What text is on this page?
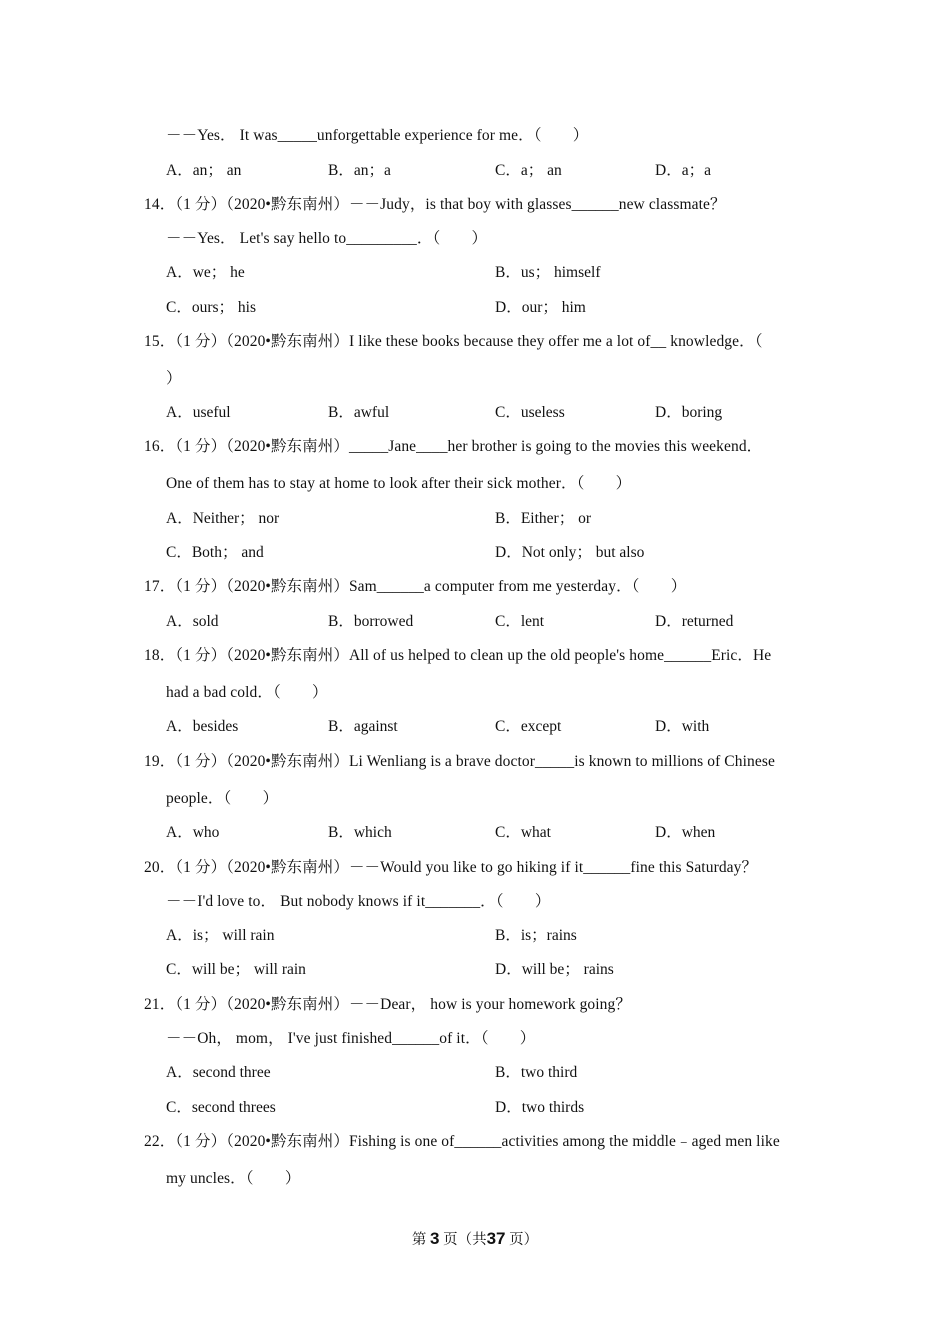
－－Yes． It was_____unforgettable experience for me．（　　）
A．an； an	B．an；a	C．a； an	D．a；a
14．（1 分）（2020•黔东南州）－－Judy，is that boy with glasses______new classmate？
－－Yes． Let's say hello to_________．（　　）
A．we； he	B．us； himself
C．ours； his	D．our； him
15．（1 分）（2020•黔东南州）I like these books because they offer me a lot of__ knowledge．（
）
A．useful	B．awful	C．useless	D．boring
16．（1 分）（2020•黔东南州）_____Jane____her brother is going to the movies this weekend．
One of them has to stay at home to look after their sick mother．（　　）
A．Neither； nor	B．Either； or
C．Both； and	D．Not only； but also
17．（1 分）（2020•黔东南州）Sam______a computer from me yesterday．（　　）
A．sold	B．borrowed	C．lent	D．returned
18．（1 分）（2020•黔东南州）All of us helped to clean up the old people's home______Eric．He
had a bad cold．（　　）
A．besides	B．against	C．except	D．with
19．（1 分）（2020•黔东南州）Li Wenliang is a brave doctor_____is known to millions of Chinese
people．（　　）
A．who	B．which	C．what	D．when
20．（1 分）（2020•黔东南州）－－Would you like to go hiking if it______fine this Saturday？
－－I'd love to． But nobody knows if it_______．（　　）
A．is； will rain	B．is；rains
C．will be； will rain	D．will be； rains
21．（1 分）（2020•黔东南州）－－Dear， how is your homework going？
－－Oh， mom， I've just finished______of it．（　　）
A．second three	B．two third
C．second threes	D．two thirds
22．（1 分）（2020•黔东南州）Fishing is one of______activities among the middle﹣aged men like
my uncles．（　　）
第 3 页（共37 页）
